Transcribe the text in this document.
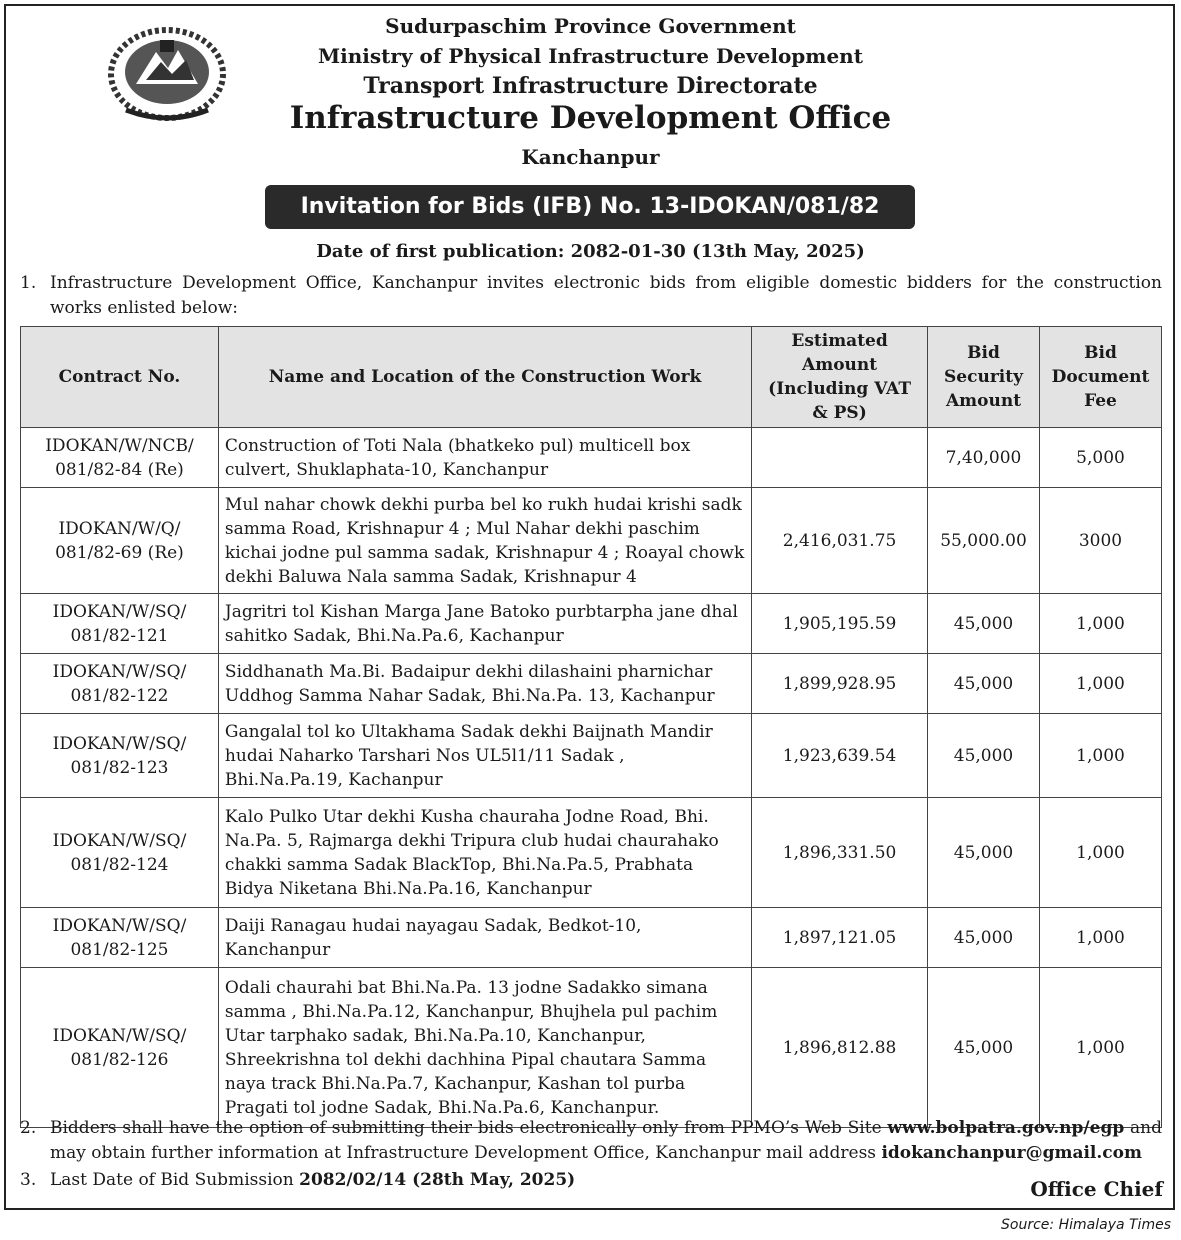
Sudurpaschim Province Government
Ministry of Physical Infrastructure Development
Transport Infrastructure Directorate
Infrastructure Development Office
Kanchanpur
Invitation for Bids (IFB) No. 13-IDOKAN/081/82
Date of first publication: 2082-01-30 (13th May, 2025)
1. Infrastructure Development Office, Kanchanpur invites electronic bids from eligible domestic bidders for the construction works enlisted below:
Contract No.	Name and Location of the Construction Work	Estimated Amount (Including VAT & PS)	Bid Security Amount	Bid Document Fee
IDOKAN/W/NCB/ 081/82-84 (Re)	Construction of Toti Nala (bhatkeko pul) multicell box culvert, Shuklaphata-10, Kanchanpur		7,40,000	5,000
IDOKAN/W/Q/ 081/82-69 (Re)	Mul nahar chowk dekhi purba bel ko rukh hudai krishi sadk samma Road, Krishnapur 4 ; Mul Nahar dekhi paschim kichai jodne pul samma sadak, Krishnapur 4 ; Roayal chowk dekhi Baluwa Nala samma Sadak, Krishnapur 4	2,416,031.75	55,000.00	3000
IDOKAN/W/SQ/ 081/82-121	Jagritri tol Kishan Marga Jane Batoko purbtarpha jane dhal sahitko Sadak, Bhi.Na.Pa.6, Kachanpur	1,905,195.59	45,000	1,000
IDOKAN/W/SQ/ 081/82-122	Siddhanath Ma.Bi. Badaipur dekhi dilashaini pharnichar Uddhog Samma Nahar Sadak, Bhi.Na.Pa. 13, Kachanpur	1,899,928.95	45,000	1,000
IDOKAN/W/SQ/ 081/82-123	Gangalal tol ko Ultakhama Sadak dekhi Baijnath Mandir hudai Naharko Tarshari Nos UL5l1/11 Sadak , Bhi.Na.Pa.19, Kachanpur	1,923,639.54	45,000	1,000
IDOKAN/W/SQ/ 081/82-124	Kalo Pulko Utar dekhi Kusha chauraha Jodne Road, Bhi. Na.Pa. 5, Rajmarga dekhi Tripura club hudai chaurahako chakki samma Sadak BlackTop, Bhi.Na.Pa.5, Prabhata Bidya Niketana Bhi.Na.Pa.16, Kanchanpur	1,896,331.50	45,000	1,000
IDOKAN/W/SQ/ 081/82-125	Daiji Ranagau hudai nayagau Sadak, Bedkot-10, Kanchanpur	1,897,121.05	45,000	1,000
IDOKAN/W/SQ/ 081/82-126	Odali chaurahi bat Bhi.Na.Pa. 13 jodne Sadakko simana samma , Bhi.Na.Pa.12, Kanchanpur, Bhujhela pul pachim Utar tarphako sadak, Bhi.Na.Pa.10, Kanchanpur, Shreekrishna tol dekhi dachhina Pipal chautara Samma naya track Bhi.Na.Pa.7, Kachanpur, Kashan tol purba Pragati tol jodne Sadak, Bhi.Na.Pa.6, Kanchanpur.	1,896,812.88	45,000	1,000
2. Bidders shall have the option of submitting their bids electronically only from PPMO’s Web Site www.bolpatra.gov.np/egp and may obtain further information at Infrastructure Development Office, Kanchanpur mail address idokanchanpur@gmail.com
3. Last Date of Bid Submission 2082/02/14 (28th May, 2025)	Office Chief
Source: Himalaya Times
